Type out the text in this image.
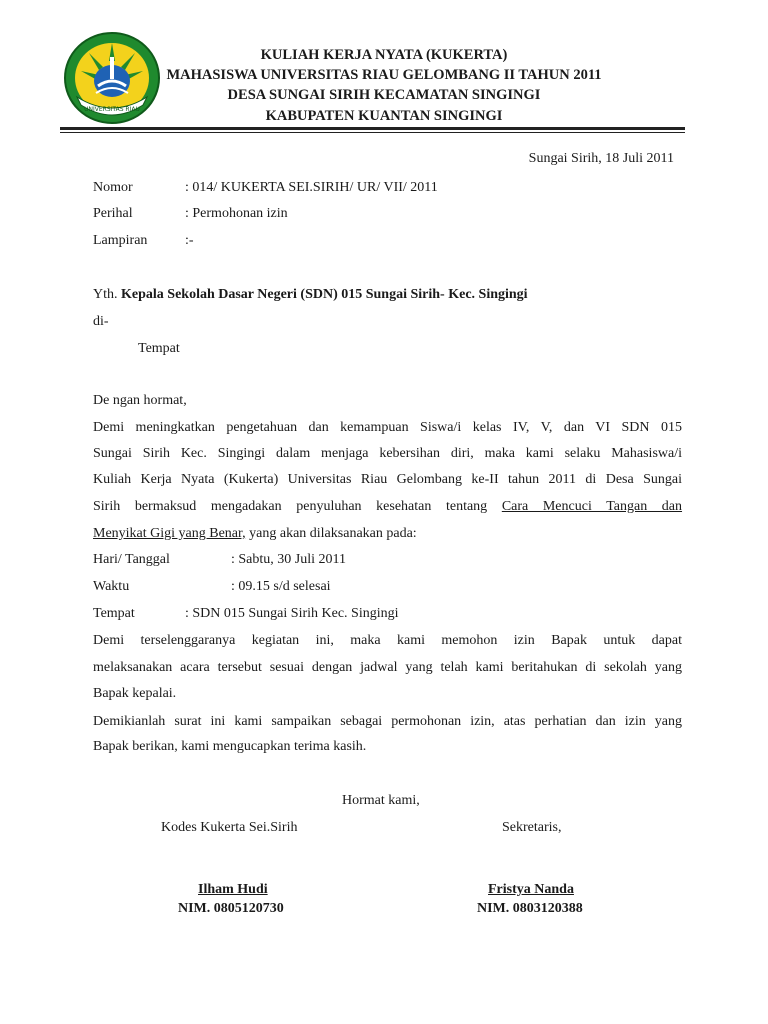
UNIVERSITAS RIAU
KULIAH KERJA NYATA (KUKERTA)
MAHASISWA UNIVERSITAS RIAU GELOMBANG II TAHUN 2011
DESA SUNGAI SIRIH KECAMATAN SINGINGI
KABUPATEN KUANTAN SINGINGI
Sungai Sirih, 18 Juli 2011
Nomor	: 014/ KUKERTA SEI.SIRIH/ UR/ VII/ 2011
Perihal	: Permohonan izin
Lampiran	:-
Yth. Kepala Sekolah Dasar Negeri (SDN) 015 Sungai Sirih- Kec. Singingi
di-
Tempat
De ngan hormat,
Demi meningkatkan pengetahuan dan kemampuan Siswa/i kelas IV, V, dan VI SDN 015
Sungai Sirih Kec. Singingi dalam menjaga kebersihan diri, maka kami selaku Mahasiswa/i
Kuliah Kerja Nyata (Kukerta) Universitas Riau Gelombang ke-II tahun 2011 di Desa Sungai
Sirih bermaksud mengadakan penyuluhan kesehatan tentang Cara Mencuci Tangan dan
Menyikat Gigi yang Benar, yang akan dilaksanakan pada:
Hari/ Tanggal	: Sabtu, 30 Juli 2011
Waktu	: 09.15 s/d selesai
Tempat	: SDN 015 Sungai Sirih Kec. Singingi
Demi terselenggaranya kegiatan ini, maka kami memohon izin Bapak untuk dapat
melaksanakan acara tersebut sesuai dengan jadwal yang telah kami beritahukan di sekolah yang
Bapak kepalai.
Demikianlah surat ini kami sampaikan sebagai permohonan izin, atas perhatian dan izin yang
Bapak berikan, kami mengucapkan terima kasih.
Hormat kami,
Kodes Kukerta Sei.Sirih	Sekretaris,
Ilham Hudi
NIM. 0805120730
Fristya Nanda
NIM. 0803120388
